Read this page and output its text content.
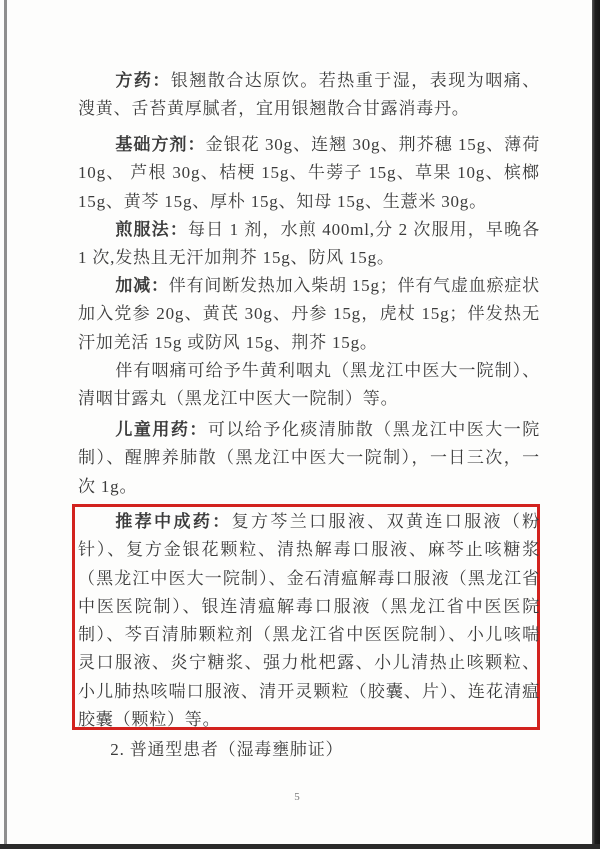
方药：银翘散合达原饮。若热重于湿，表现为咽痛、溲黄、舌苔黄厚腻者，宜用银翘散合甘露消毒丹。
基础方剂：金银花 30g、连翘 30g、荆芥穗 15g、薄荷 10g、 芦根 30g、桔梗 15g、牛蒡子 15g、草果 10g、槟榔 15g、黄芩 15g、厚朴 15g、知母 15g、生薏米 30g。
煎服法：每日 1 剂，水煎 400ml,分 2 次服用，早晚各 1 次,发热且无汗加荆芥 15g、防风 15g。
加减：伴有间断发热加入柴胡 15g；伴有气虚血瘀症状加入党参 20g、黄芪 30g、丹参 15g，虎杖 15g；伴发热无汗加羌活 15g 或防风 15g、荆芥 15g。
伴有咽痛可给予牛黄利咽丸（黑龙江中医大一院制）、清咽甘露丸（黑龙江中医大一院制）等。
儿童用药：可以给予化痰清肺散（黑龙江中医大一院制）、醒脾养肺散（黑龙江中医大一院制），一日三次，一次 1g。
推荐中成药：复方芩兰口服液、双黄连口服液（粉针）、复方金银花颗粒、清热解毒口服液、麻芩止咳糖浆（黑龙江中医大一院制）、金石清瘟解毒口服液（黑龙江省中医医院制）、银连清瘟解毒口服液（黑龙江省中医医院制）、芩百清肺颗粒剂（黑龙江省中医医院制）、小儿咳喘灵口服液、炎宁糖浆、强力枇杷露、小儿清热止咳颗粒、小儿肺热咳喘口服液、清开灵颗粒（胶囊、片）、连花清瘟胶囊（颗粒）等。
2. 普通型患者（湿毒壅肺证）
5
